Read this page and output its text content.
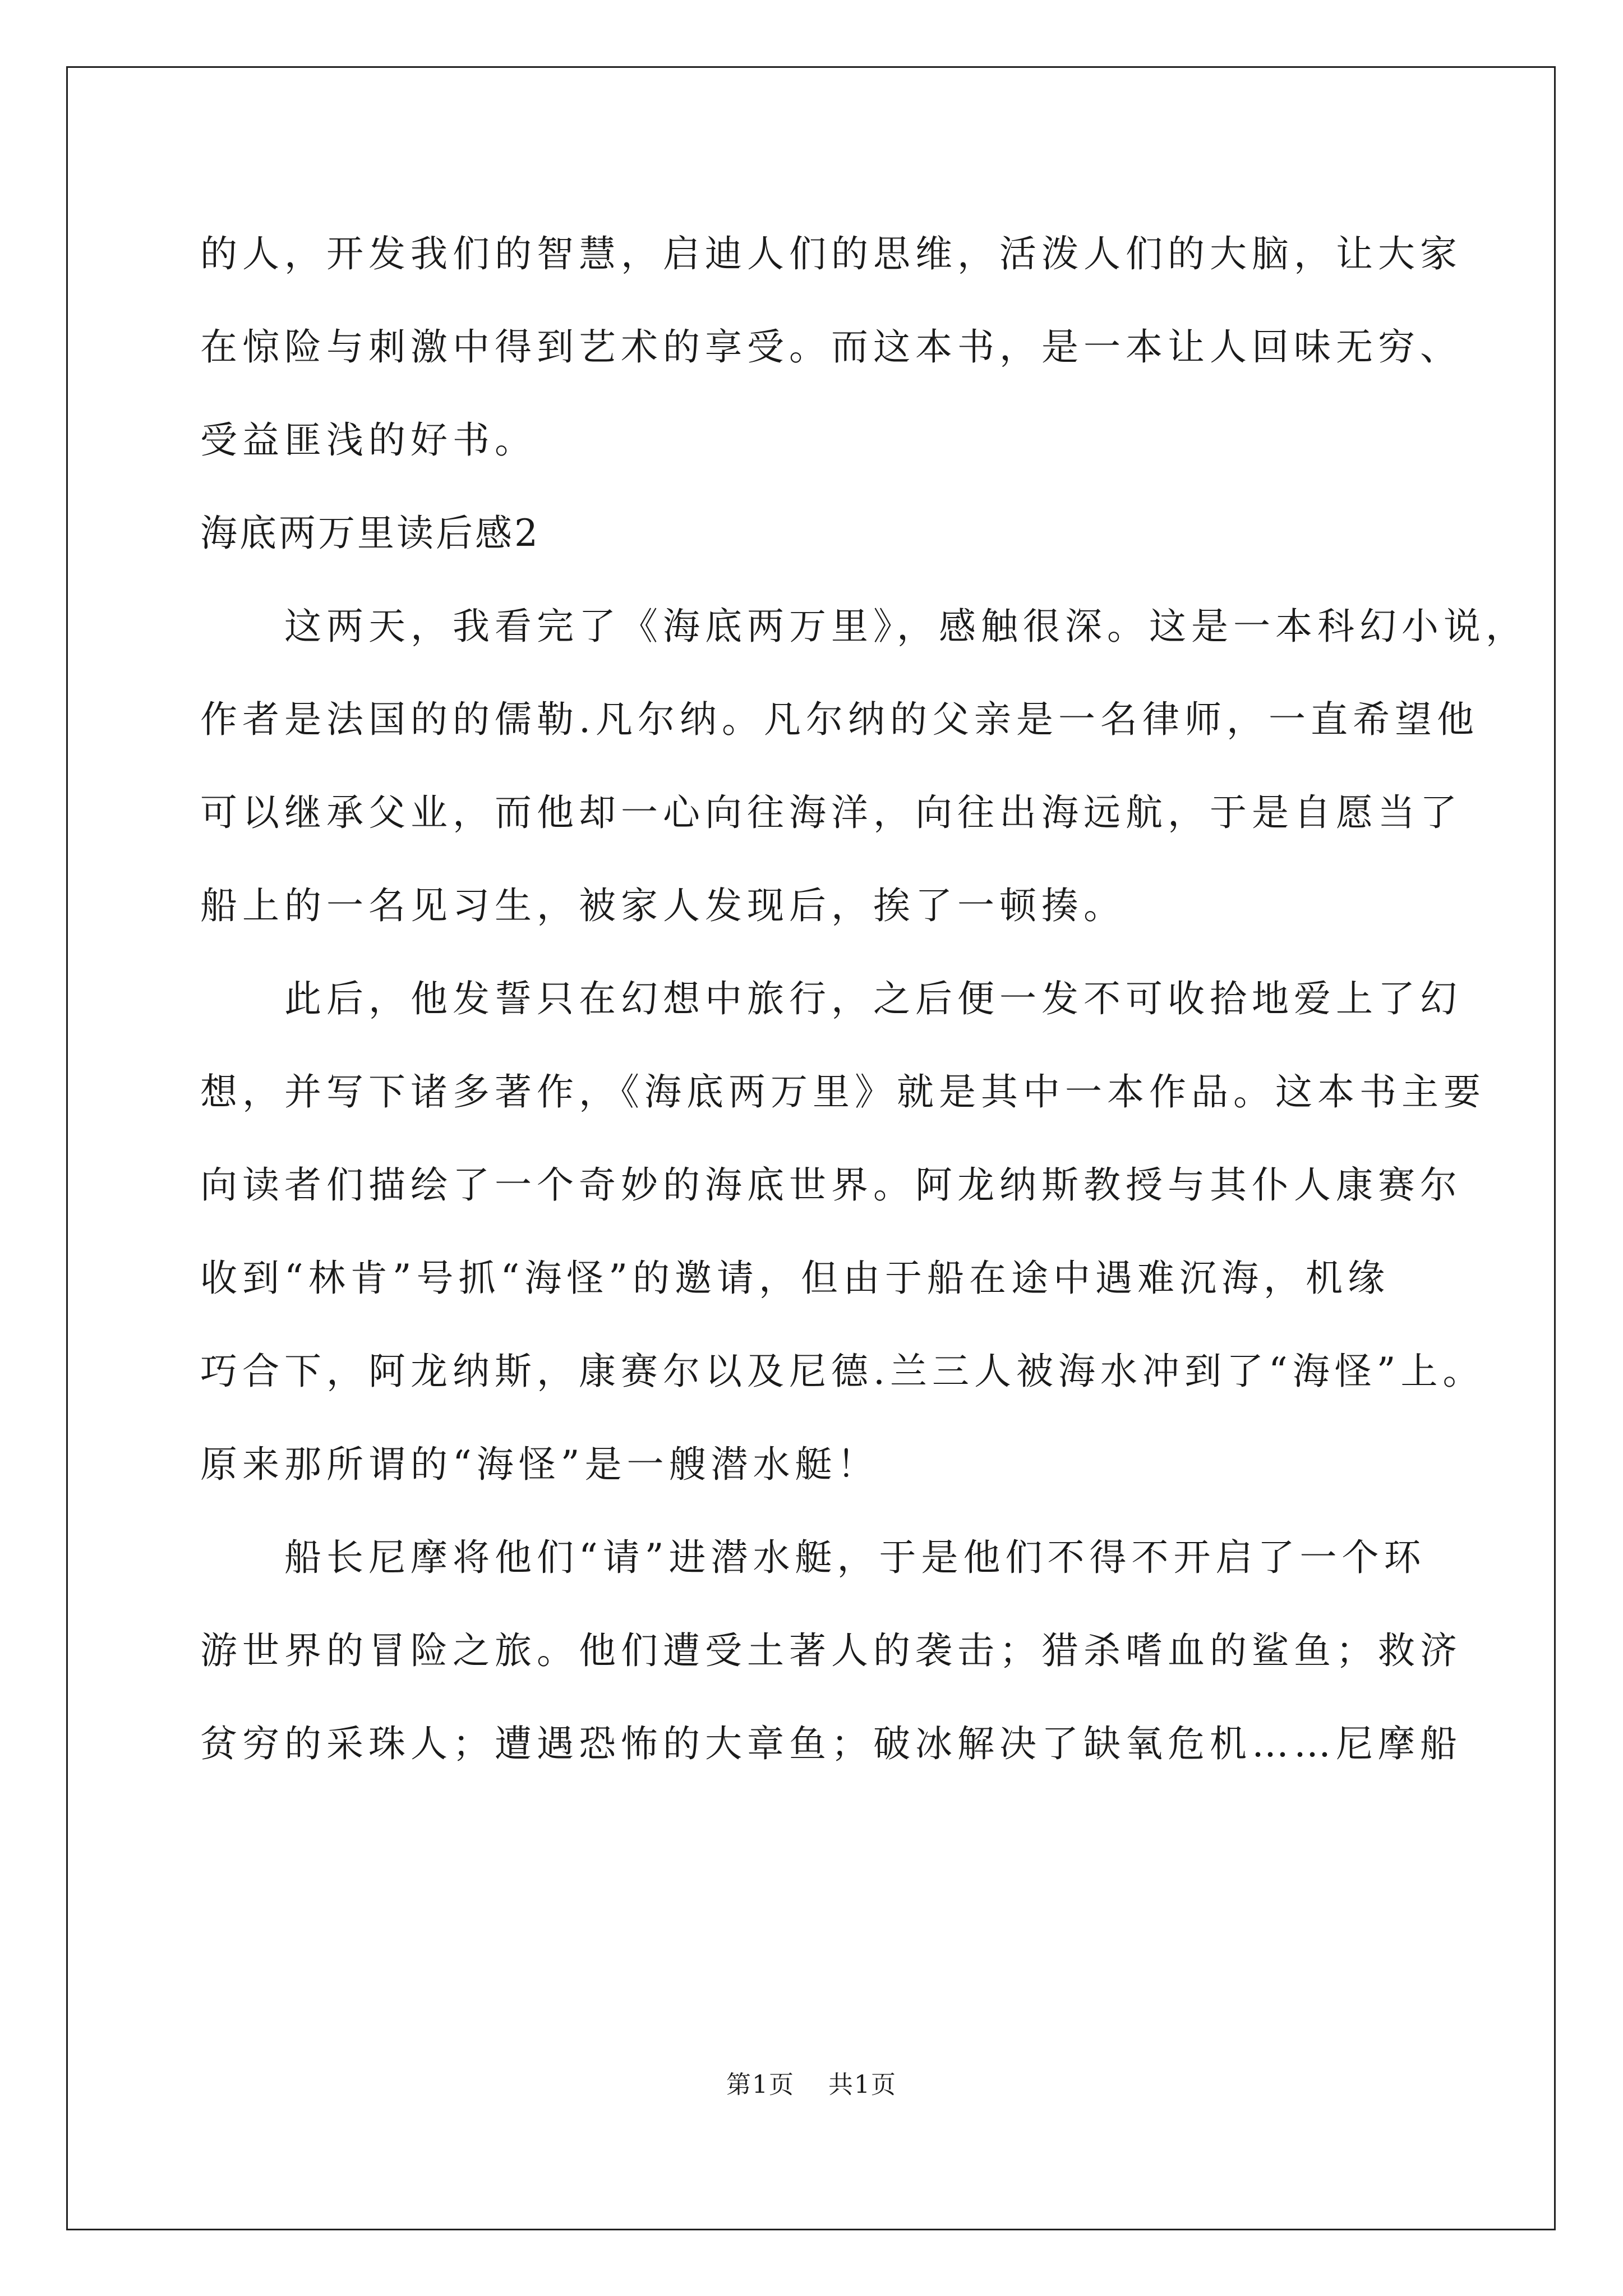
的人，开发我们的智慧，启迪人们的思维，活泼人们的大脑，让大家
在惊险与刺激中得到艺术的享受。而这本书，是一本让人回味无穷、
受益匪浅的好书。
海底两万里读后感2
这两天，我看完了《海底两万里》，感触很深。这是一本科幻小说，
作者是法国的的儒勒.凡尔纳。凡尔纳的父亲是一名律师，一直希望他
可以继承父业，而他却一心向往海洋，向往出海远航，于是自愿当了
船上的一名见习生，被家人发现后，挨了一顿揍。
此后，他发誓只在幻想中旅行，之后便一发不可收拾地爱上了幻
想，并写下诸多著作，《海底两万里》就是其中一本作品。这本书主要
向读者们描绘了一个奇妙的海底世界。阿龙纳斯教授与其仆人康赛尔
收到“林肯”号抓“海怪”的邀请，但由于船在途中遇难沉海，机缘
巧合下，阿龙纳斯，康赛尔以及尼德.兰三人被海水冲到了“海怪”上。
原来那所谓的“海怪”是一艘潜水艇！
船长尼摩将他们“请”进潜水艇，于是他们不得不开启了一个环
游世界的冒险之旅。他们遭受土著人的袭击；猎杀嗜血的鲨鱼；救济
贫穷的采珠人；遭遇恐怖的大章鱼；破冰解决了缺氧危机……尼摩船
第1页 共1页
